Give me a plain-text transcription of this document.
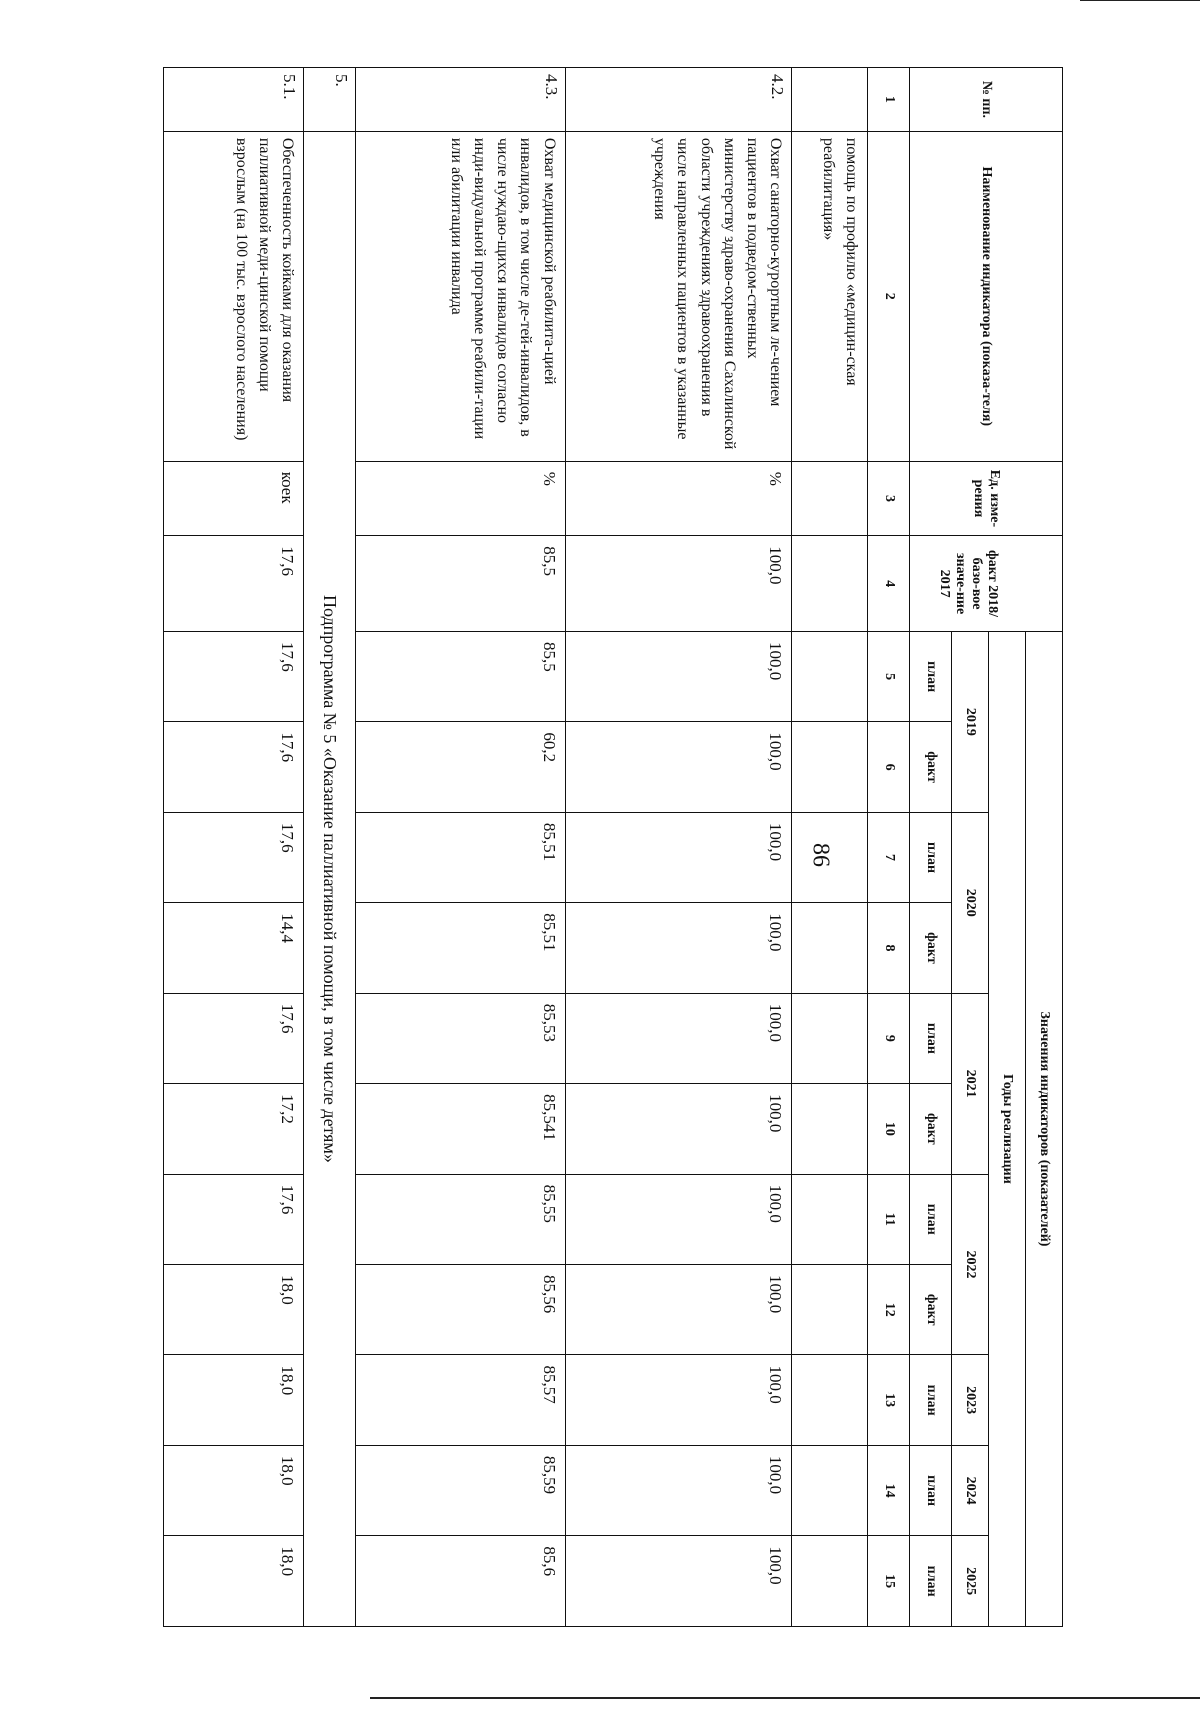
86
№ пп.	Наименование индикатора (показа-теля)	Ед. изме-рения		Значения индикаторов (показателей)										
			факт 2018/базо-вое значе-ние 2017	Годы реализации										
				2019		2020		2021		2022		2023	2024	2025
				план	факт	план	факт	план	факт	план	факт	план	план	план
1	2	3	4	5	6	7	8	9	10	11	12	13	14	15
	помощь по профилю «медицин-ская реабилитация»													
4.2.	Охват санаторно-курортным ле-чением пациентов в подведом-ственных министерству здраво-охранения Сахалинской области учреждениях здравоохранения в числе направленных пациентов в указанные учреждения	%	100,0	100,0	100,0	100,0	100,0	100,0	100,0	100,0	100,0	100,0	100,0	100,0
4.3.	Охват медицинской реабилита-цией инвалидов, в том числе де-тей-инвалидов, в числе нуждаю-щихся инвалидов согласно инди-видуальной программе реабили-тации или абилитации инвалида	%	85,5	85,5	60,2	85,51	85,51	85,53	85,541	85,55	85,56	85,57	85,59	85,6
5.	Подпрограмма № 5 «Оказание паллиативной помощи, в том числе детям»													
5.1.	Обеспеченность койками для оказания паллиативной меди-цинской помощи взрослым (на 100 тыс. взрослого населения)	коек	17,6	17,6	17,6	17,6	14,4	17,6	17,2	17,6	18,0	18,0	18,0	18,0
